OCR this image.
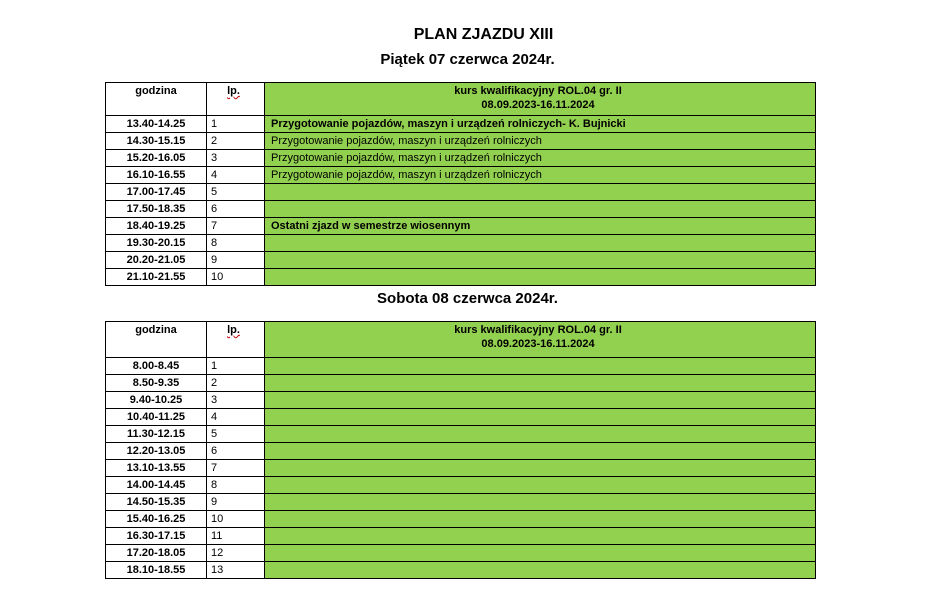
PLAN ZJAZDU XIII
Piątek 07 czerwca 2024r.
godzina	lp.	kurs kwalifikacyjny ROL.04 gr. II
08.09.2023-16.11.2024

13.40-14.25	1	Przygotowanie pojazdów, maszyn i urządzeń rolniczych- K. Bujnicki
14.30-15.15	2	Przygotowanie pojazdów, maszyn i urządzeń rolniczych
15.20-16.05	3	Przygotowanie pojazdów, maszyn i urządzeń rolniczych
16.10-16.55	4	Przygotowanie pojazdów, maszyn i urządzeń rolniczych
17.00-17.45	5	
17.50-18.35	6	
18.40-19.25	7	Ostatni zjazd w semestrze wiosennym
19.30-20.15	8	
20.20-21.05	9	
21.10-21.55	10	
Sobota 08 czerwca 2024r.
godzina	lp.	kurs kwalifikacyjny ROL.04 gr. II
08.09.2023-16.11.2024

8.00-8.45	1	
8.50-9.35	2	
9.40-10.25	3	
10.40-11.25	4	
11.30-12.15	5	
12.20-13.05	6	
13.10-13.55	7	
14.00-14.45	8	
14.50-15.35	9	
15.40-16.25	10	
16.30-17.15	11	
17.20-18.05	12	
18.10-18.55	13	
